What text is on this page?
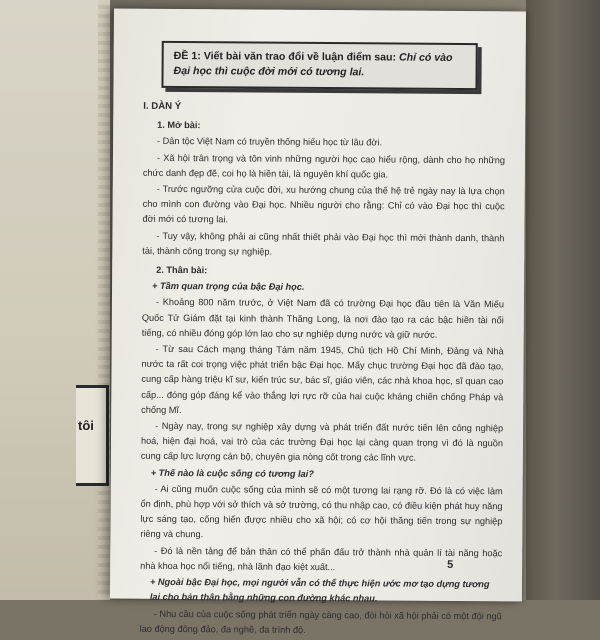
tôi
ĐỀ 1: Viết bài văn trao đổi về luận điểm sau: Chỉ có vào Đại học thì cuộc đời mới có tương lai.
I. DÀN Ý
1. Mở bài:
- Dân tộc Việt Nam có truyền thống hiếu học từ lâu đời.
- Xã hội trân trọng và tôn vinh những người học cao hiểu rộng, dành cho họ những chức danh đẹp đẽ, coi họ là hiền tài, là nguyên khí quốc gia.
- Trước ngưỡng cửa cuộc đời, xu hướng chung của thế hệ trẻ ngày nay là lựa chọn cho mình con đường vào Đại học. Nhiều người cho rằng: Chỉ có vào Đại học thì cuộc đời mới có tương lai.
- Tuy vậy, không phải ai cũng nhất thiết phải vào Đại học thì mới thành danh, thành tài, thành công trong sự nghiệp.
2. Thân bài:
+ Tầm quan trọng của bậc Đại học.
- Khoảng 800 năm trước, ở Việt Nam đã có trường Đại học đầu tiên là Văn Miếu Quốc Tử Giám đặt tại kinh thành Thăng Long, là nơi đào tạo ra các bậc hiền tài nổi tiếng, có nhiều đóng góp lớn lao cho sự nghiệp dựng nước và giữ nước.
- Từ sau Cách mạng tháng Tám năm 1945, Chủ tịch Hồ Chí Minh, Đảng và Nhà nước ta rất coi trọng việc phát triển bậc Đại học. Mấy chục trường Đại học đã đào tạo, cung cấp hàng triệu kĩ sư, kiến trúc sư, bác sĩ, giáo viên, các nhà khoa học, sĩ quan cao cấp... đóng góp đáng kể vào thắng lợi rực rỡ của hai cuộc kháng chiến chống Pháp và chống Mĩ.
- Ngày nay, trong sự nghiệp xây dựng và phát triển đất nước tiến lên công nghiệp hoá, hiện đại hoá, vai trò của các trường Đại học lại càng quan trọng vì đó là nguồn cung cấp lực lượng cán bộ, chuyên gia nòng cốt trong các lĩnh vực.
+ Thế nào là cuộc sống có tương lai?
- Ai cũng muốn cuộc sống của mình sẽ có một tương lai rạng rỡ. Đó là có việc làm ổn định, phù hợp với sở thích và sở trường, có thu nhập cao, có điều kiện phát huy năng lực sáng tạo, cống hiến được nhiều cho xã hội; có cơ hội thăng tiến trong sự nghiệp riêng và chung.
- Đó là nền tảng để bản thân có thể phấn đấu trở thành nhà quản lí tài năng hoặc nhà khoa học nổi tiếng, nhà lãnh đạo kiệt xuất...
+ Ngoài bậc Đại học, mọi người vẫn có thể thực hiện ước mơ tạo dựng tương lai cho bản thân bằng những con đường khác nhau.
- Nhu cầu của cuộc sống phát triển ngày càng cao, đòi hỏi xã hội phải có một đội ngũ lao động đông đảo, đa nghề, đa trình độ.
5
